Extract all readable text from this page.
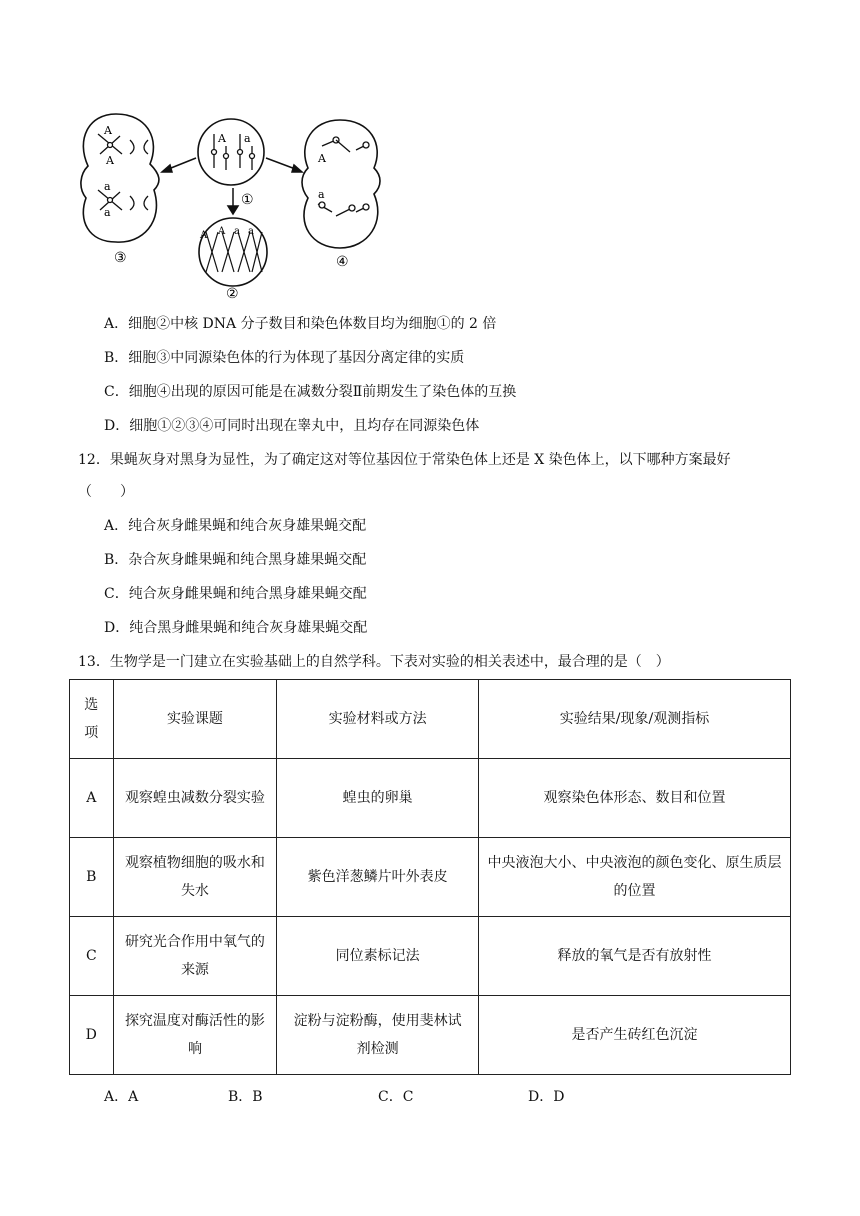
A
A
a
a
A a
A A a a
A
a
①
②
③	④
A．细胞②中核 DNA 分子数目和染色体数目均为细胞①的 2 倍
B．细胞③中同源染色体的行为体现了基因分离定律的实质
C．细胞④出现的原因可能是在减数分裂Ⅱ前期发生了染色体的互换
D．细胞①②③④可同时出现在睾丸中，且均存在同源染色体
12．果蝇灰身对黑身为显性，为了确定这对等位基因位于常染色体上还是 X 染色体上，以下哪种方案最好
（　　）
A．纯合灰身雌果蝇和纯合灰身雄果蝇交配
B．杂合灰身雌果蝇和纯合黑身雄果蝇交配
C．纯合灰身雌果蝇和纯合黑身雄果蝇交配
D．纯合黑身雌果蝇和纯合灰身雄果蝇交配
13．生物学是一门建立在实验基础上的自然学科。下表对实验的相关表述中，最合理的是（　）
选项	实验课题	实验材料或方法	实验结果/现象/观测指标
A	观察蝗虫减数分裂实验	蝗虫的卵巢	观察染色体形态、数目和位置
B	观察植物细胞的吸水和失水	紫色洋葱鳞片叶外表皮	中央液泡大小、中央液泡的颜色变化、原生质层的位置
C	研究光合作用中氧气的来源	同位素标记法	释放的氧气是否有放射性
D	探究温度对酶活性的影响	淀粉与淀粉酶，使用斐林试剂检测	是否产生砖红色沉淀
A．A	B．B	C．C	D．D
